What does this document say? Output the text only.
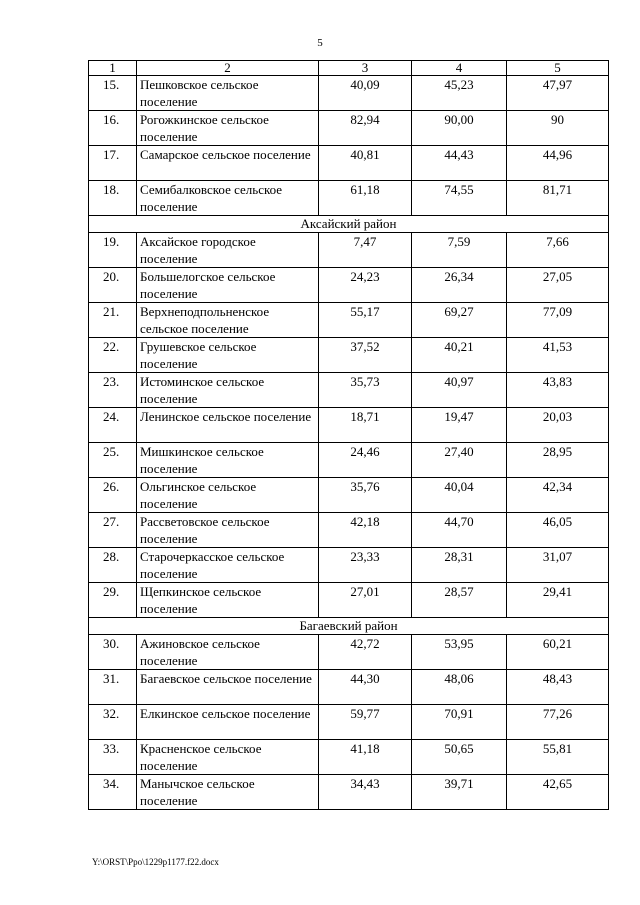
5
1	2	3	4	5
15.	Пешковское сельское поселение	40,09	45,23	47,97
16.	Рогожкинское сельское поселение	82,94	90,00	90
17.	Самарское сельское поселение	40,81	44,43	44,96
18.	Семибалковское сельское поселение	61,18	74,55	81,71
Аксайский район				
19.	Аксайское городское поселение	7,47	7,59	7,66
20.	Большелогское сельское поселение	24,23	26,34	27,05
21.	Верхнеподпольненское сельское поселение	55,17	69,27	77,09
22.	Грушевское сельское поселение	37,52	40,21	41,53
23.	Истоминское сельское поселение	35,73	40,97	43,83
24.	Ленинское сельское поселение	18,71	19,47	20,03
25.	Мишкинское сельское поселение	24,46	27,40	28,95
26.	Ольгинское сельское поселение	35,76	40,04	42,34
27.	Рассветовское сельское поселение	42,18	44,70	46,05
28.	Старочеркасское сельское поселение	23,33	28,31	31,07
29.	Щепкинское сельское поселение	27,01	28,57	29,41
Багаевский район				
30.	Ажиновское сельское поселение	42,72	53,95	60,21
31.	Багаевское сельское поселение	44,30	48,06	48,43
32.	Елкинское сельское поселение	59,77	70,91	77,26
33.	Красненское сельское поселение	41,18	50,65	55,81
34.	Манычское сельское поселение	34,43	39,71	42,65
Y:\ORST\Ppo\1229p1177.f22.docx
